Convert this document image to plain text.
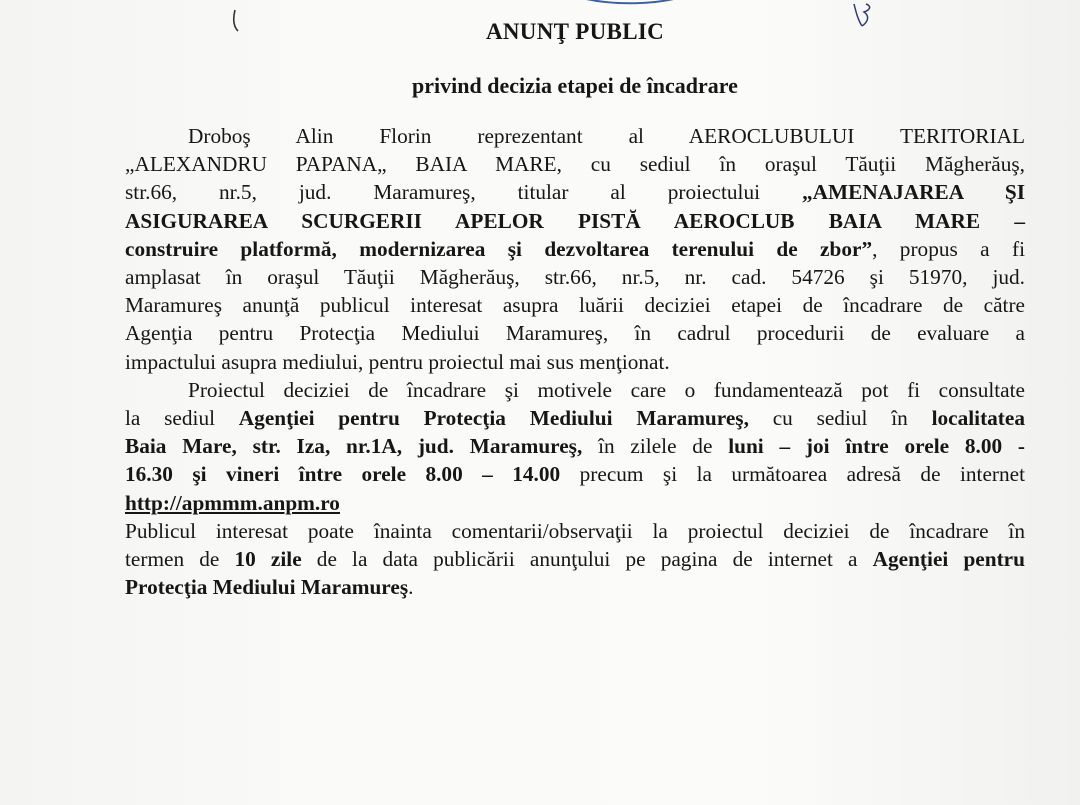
ANUNŢ PUBLIC
privind decizia etapei de încadrare
Droboş Alin Florin reprezentant al AEROCLUBULUI TERITORIAL
„ALEXANDRU PAPANA„ BAIA MARE, cu sediul în oraşul Tăuţii Măgherăuş,
str.66, nr.5, jud. Maramureş, titular al proiectului „AMENAJAREA ŞI
ASIGURAREA SCURGERII APELOR PISTĂ AEROCLUB BAIA MARE –
construire platformă, modernizarea şi dezvoltarea terenului de zbor”, propus a fi
amplasat în oraşul Tăuţii Măgherăuş, str.66, nr.5, nr. cad. 54726 şi 51970, jud.
Maramureş anunţă publicul interesat asupra luării deciziei etapei de încadrare de către
Agenţia pentru Protecţia Mediului Maramureş, în cadrul procedurii de evaluare a
impactului asupra mediului, pentru proiectul mai sus menţionat.
Proiectul deciziei de încadrare şi motivele care o fundamentează pot fi consultate
la sediul Agenţiei pentru Protecţia Mediului Maramureş, cu sediul în localitatea
Baia Mare, str. Iza, nr.1A, jud. Maramureş, în zilele de luni – joi între orele 8.00 -
16.30 şi vineri între orele 8.00 – 14.00 precum şi la următoarea adresă de internet
http://apmmm.anpm.ro
Publicul interesat poate înainta comentarii/observaţii la proiectul deciziei de încadrare în
termen de 10 zile de la data publicării anunţului pe pagina de internet a Agenţiei pentru
Protecţia Mediului Maramureş.
